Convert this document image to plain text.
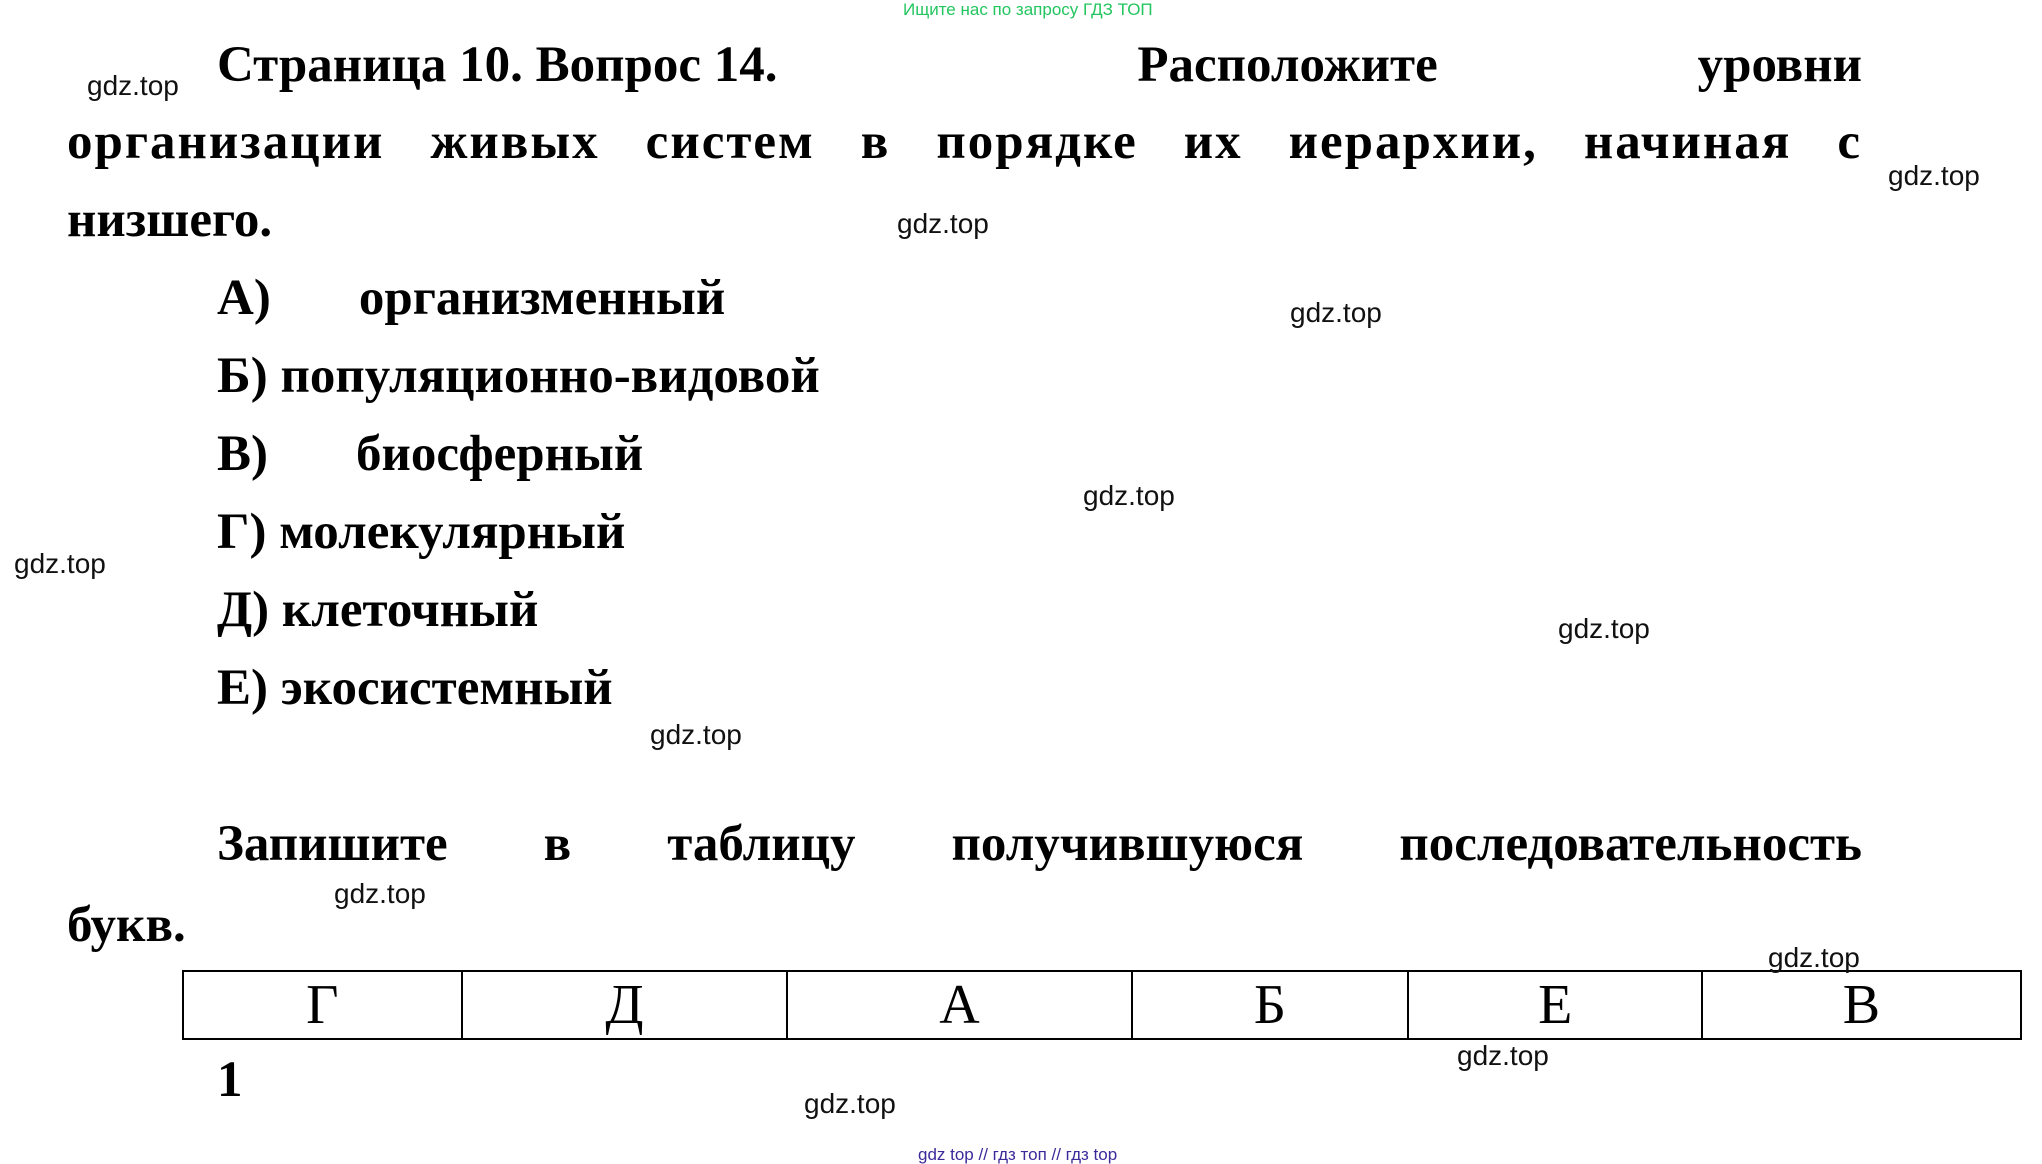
Ищите нас по запросу ГДЗ ТОП
Страница 10. Вопрос 14.	Расположите	уровни
организации живых систем в порядке их иерархии, начиная с
низшего.
А) организменный
Б) популяционно-видовой
В) биосферный
Г) молекулярный
Д) клеточный
Е) экосистемный
Запишите в таблицу получившуюся последовательность
букв.
Г	Д	А	Б	Е	В
1
gdz.top
gdz.top
gdz.top
gdz.top
gdz.top
gdz.top
gdz.top
gdz.top
gdz.top
gdz.top
gdz.top
gdz.top
gdz top // гдз топ // гдз top
